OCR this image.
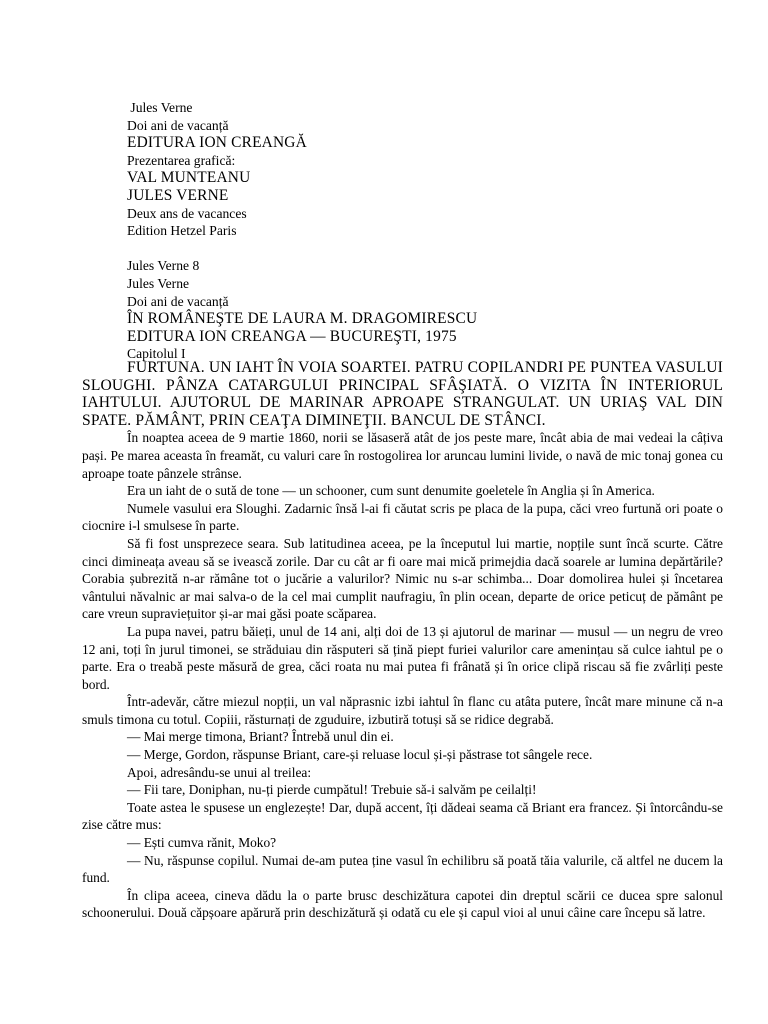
Jules Verne
Doi ani de vacanță
EDITURA ION CREANGĂ
Prezentarea grafică:
VAL MUNTEANU
JULES VERNE
Deux ans de vacances
Edition Hetzel Paris
Jules Verne 8
Jules Verne
Doi ani de vacanță
ÎN ROMÂNEŞTE DE LAURA M. DRAGOMIRESCU
EDITURA ION CREANGA — BUCUREŞTI, 1975
Capitolul I

FURTUNA. UN IAHT ÎN VOIA SOARTEI. PATRU COPILANDRI PE PUNTEA VASULUI SLOUGHI. PÂNZA CATARGULUI PRINCIPAL SFÂŞIATĂ. O VIZITA ÎN INTERIORUL IAHTULUI. AJUTORUL DE MARINAR APROAPE STRANGULAT. UN URIAŞ VAL DIN SPATE. PĂMÂNT, PRIN CEAŢA DIMINEŢII. BANCUL DE STÂNCI.

În noaptea aceea de 9 martie 1860, norii se lăsaseră atât de jos peste mare, încât abia de mai vedeai la câțiva pași. Pe marea aceasta în freamăt, cu valuri care în rostogolirea lor aruncau lumini livide, o navă de mic tonaj gonea cu aproape toate pânzele strânse.

Era un iaht de o sută de tone — un schooner, cum sunt denumite goeletele în Anglia și în America.

Numele vasului era Sloughi. Zadarnic însă l-ai fi căutat scris pe placa de la pupa, căci vreo furtună ori poate o ciocnire i-l smulsese în parte.

Să fi fost unsprezece seara. Sub latitudinea aceea, pe la începutul lui martie, nopțile sunt încă scurte. Către cinci dimineața aveau să se ivească zorile. Dar cu cât ar fi oare mai mică primejdia dacă soarele ar lumina depărtările? Corabia șubrezită n-ar rămâne tot o jucărie a valurilor? Nimic nu s-ar schimba... Doar domolirea hulei și încetarea vântului năvalnic ar mai salva-o de la cel mai cumplit naufragiu, în plin ocean, departe de orice peticuț de pământ pe care vreun supraviețuitor și-ar mai găsi poate scăparea.

La pupa navei, patru băieți, unul de 14 ani, alți doi de 13 și ajutorul de marinar — musul — un negru de vreo 12 ani, toți în jurul timonei, se străduiau din răsputeri să țină piept furiei valurilor care amenințau să culce iahtul pe o parte. Era o treabă peste măsură de grea, căci roata nu mai putea fi frânată și în orice clipă riscau să fie zvârliți peste bord.

Într-adevăr, către miezul nopții, un val năprasnic izbi iahtul în flanc cu atâta putere, încât mare minune că n-a smuls timona cu totul. Copiii, răsturnați de zguduire, izbutiră totuși să se ridice degrabă.

— Mai merge timona, Briant? Întrebă unul din ei.

— Merge, Gordon, răspunse Briant, care-și reluase locul și-și păstrase tot sângele rece.

Apoi, adresându-se unui al treilea:

— Fii tare, Doniphan, nu-ți pierde cumpătul! Trebuie să-i salvăm pe ceilalți!

Toate astea le spusese un englezește! Dar, după accent, îți dădeai seama că Briant era francez. Și întorcându-se zise către mus:

— Ești cumva rănit, Moko?

— Nu, răspunse copilul. Numai de-am putea ține vasul în echilibru să poată tăia valurile, că altfel ne ducem la fund.

În clipa aceea, cineva dădu la o parte brusc deschizătura capotei din dreptul scării ce ducea spre salonul schoonerului. Două căpșoare apărură prin deschizătură și odată cu ele și capul vioi al unui câine care începu să latre.
